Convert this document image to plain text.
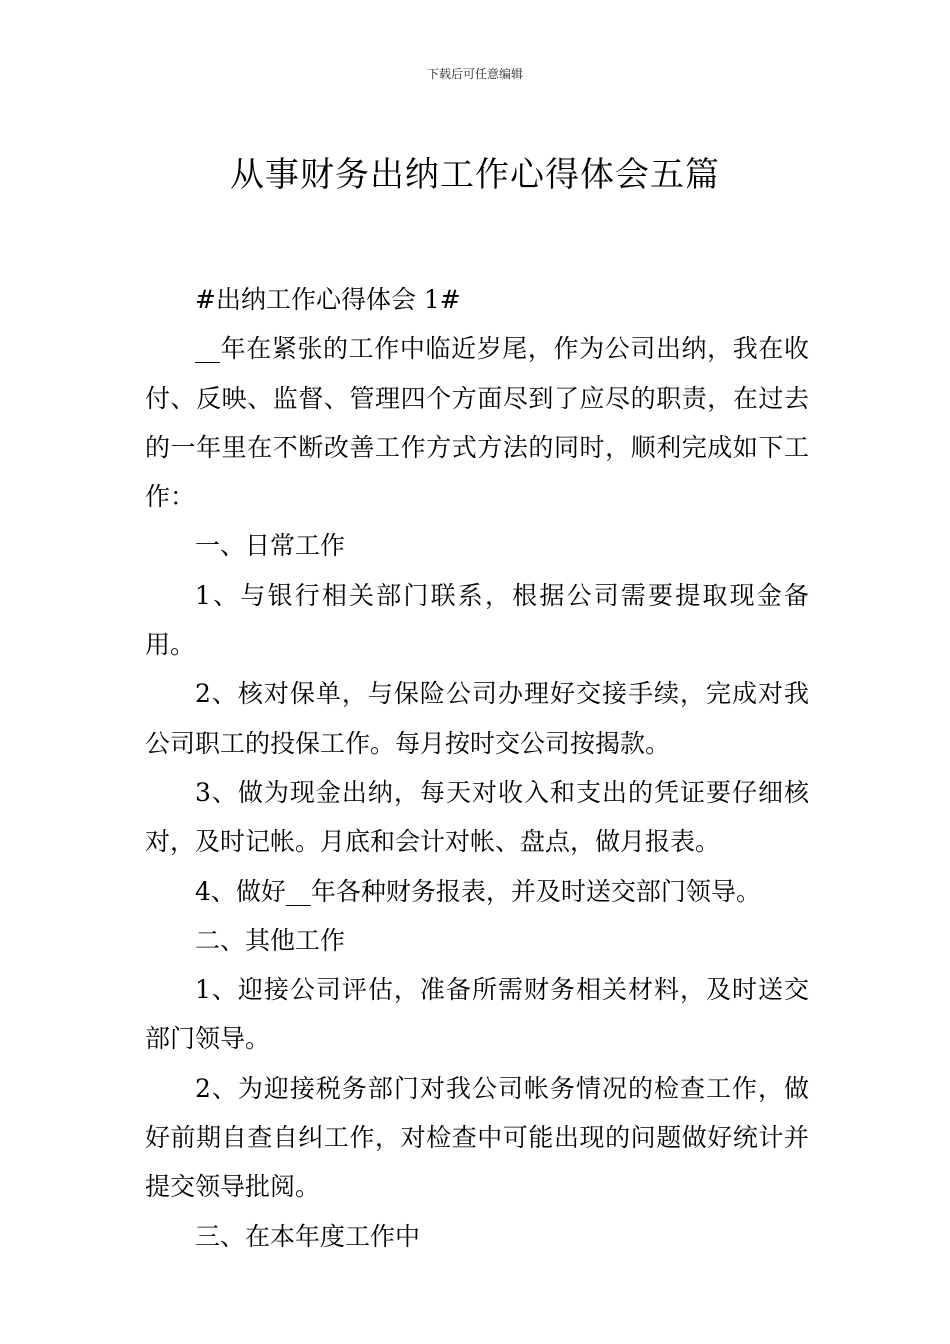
下载后可任意编辑
从事财务出纳工作心得体会五篇

#出纳工作心得体会 1#

__年在紧张的工作中临近岁尾，作为公司出纳，我在收付、反映、监督、管理四个方面尽到了应尽的职责，在过去的一年里在不断改善工作方式方法的同时，顺利完成如下工作：

一、日常工作

1、与银行相关部门联系，根据公司需要提取现金备用。

2、核对保单，与保险公司办理好交接手续，完成对我公司职工的投保工作。每月按时交公司按揭款。

3、做为现金出纳，每天对收入和支出的凭证要仔细核对，及时记帐。月底和会计对帐、盘点，做月报表。

4、做好__年各种财务报表，并及时送交部门领导。

二、其他工作

1、迎接公司评估，准备所需财务相关材料，及时送交部门领导。

2、为迎接税务部门对我公司帐务情况的检查工作，做好前期自查自纠工作，对检查中可能出现的问题做好统计并提交领导批阅。

三、在本年度工作中
